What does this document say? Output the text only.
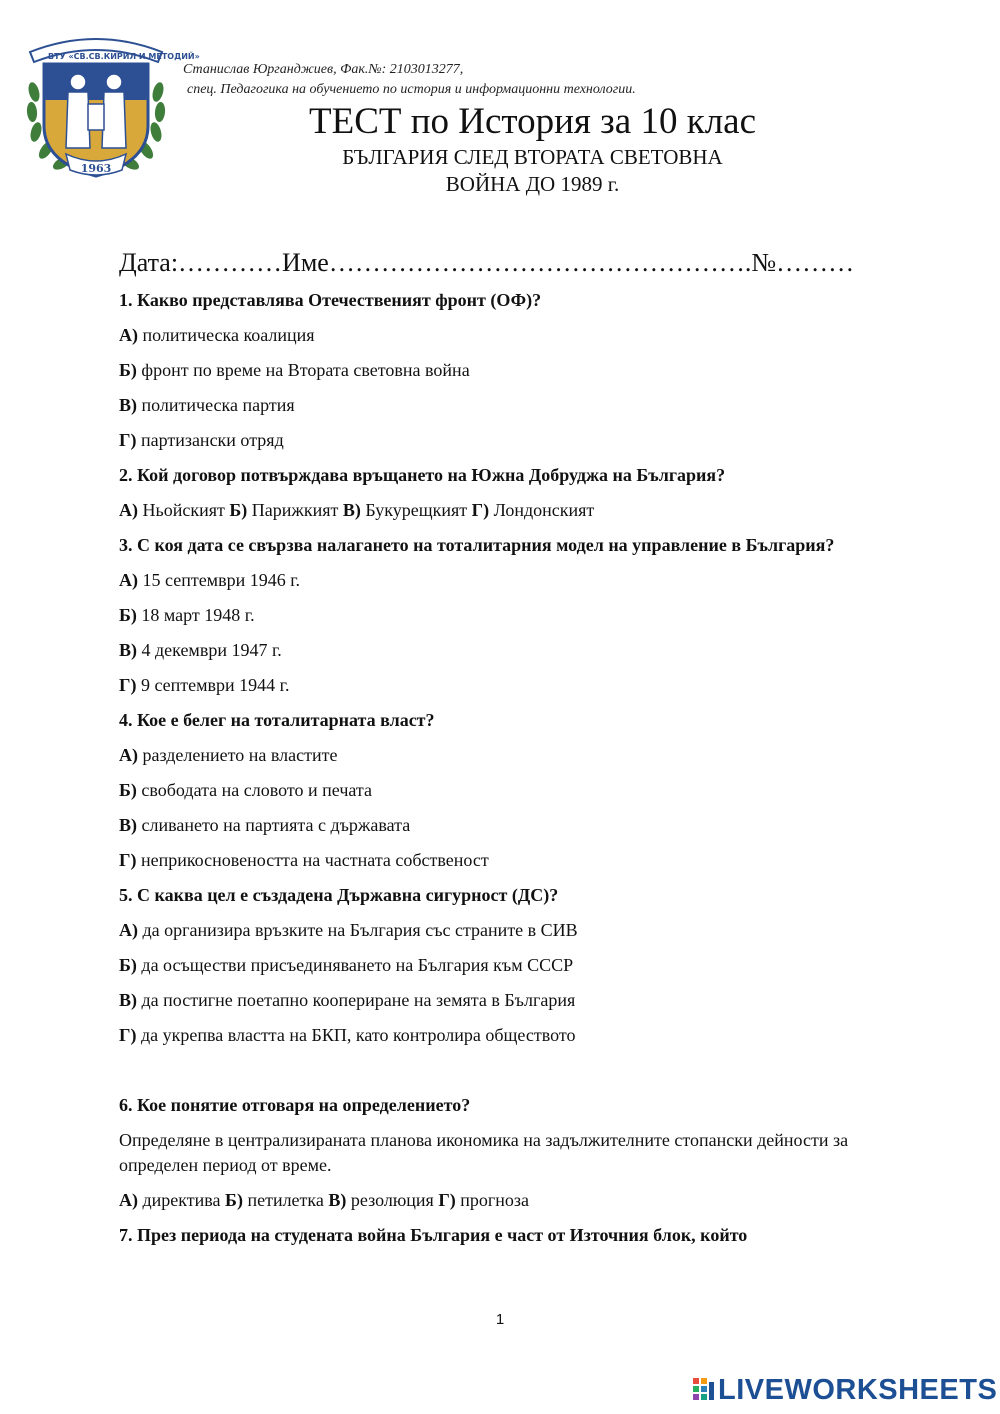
ВТУ «СВ.СВ.КИРИЛ И МЕТОДИЙ»
1963
Станислав Юрганджиев, Фак.№: 2103013277,
спец. Педагогика на обучението по история и информационни технологии.
ТЕСТ по История за 10 клас
БЪЛГАРИЯ СЛЕД ВТОРАТА СВЕТОВНА
ВОЙНА ДО 1989 г.
Дата:…………Име………………………………………….№………
1. Какво представлява Отечественият фронт (ОФ)?
А) политическа коалиция
Б) фронт по време на Втората световна война
В) политическа партия
Г) партизански отряд
2. Кой договор потвърждава връщането на Южна Добруджа на България?
А) Ньойският Б) Парижкият В) Букурещкият Г) Лондонският
3. С коя дата се свързва налагането на тоталитарния модел на управление в България?
А) 15 септември 1946 г.
Б) 18 март 1948 г.
В) 4 декември 1947 г.
Г) 9 септември 1944 г.
4. Кое е белег на тоталитарната власт?
А) разделението на властите
Б) свободата на словото и печата
В) сливането на партията с държавата
Г) неприкосновеността на частната собственост
5. С каква цел е създадена Държавна сигурност (ДС)?
А) да организира връзките на България със страните в СИВ
Б) да осъществи присъединяването на България към СССР
В) да постигне поетапно коопериране на земята в България
Г) да укрепва властта на БКП, като контролира обществото
6. Кое понятие отговаря на определението?
Определяне в централизираната планова икономика на задължителните стопански дейности за определен период от време.
А) директива Б) петилетка В) резолюция Г) прогноза
7. През периода на студената война България е част от Източния блок, който
1
LIVEWORKSHEETS
